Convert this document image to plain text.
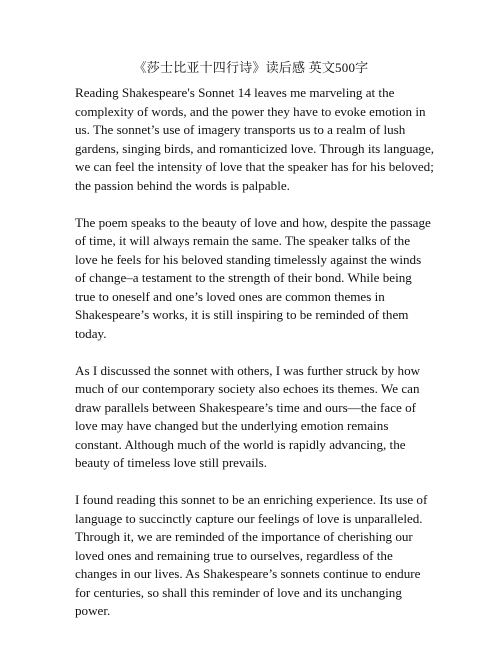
《莎士比亚十四行诗》读后感 英文500字

Reading Shakespeare's Sonnet 14 leaves me marveling at the complexity of words, and the power they have to evoke emotion in us. The sonnet’s use of imagery transports us to a realm of lush gardens, singing birds, and romanticized love. Through its language, we can feel the intensity of love that the speaker has for his beloved; the passion behind the words is palpable.

The poem speaks to the beauty of love and how, despite the passage of time, it will always remain the same. The speaker talks of the love he feels for his beloved standing timelessly against the winds of change–a testament to the strength of their bond. While being true to oneself and one’s loved ones are common themes in Shakespeare’s works, it is still inspiring to be reminded of them today.

As I discussed the sonnet with others, I was further struck by how much of our contemporary society also echoes its themes. We can draw parallels between Shakespeare’s time and ours—the face of love may have changed but the underlying emotion remains constant. Although much of the world is rapidly advancing, the beauty of timeless love still prevails.

I found reading this sonnet to be an enriching experience. Its use of language to succinctly capture our feelings of love is unparalleled. Through it, we are reminded of the importance of cherishing our loved ones and remaining true to ourselves, regardless of the changes in our lives. As Shakespeare’s sonnets continue to endure for centuries, so shall this reminder of love and its unchanging power.
